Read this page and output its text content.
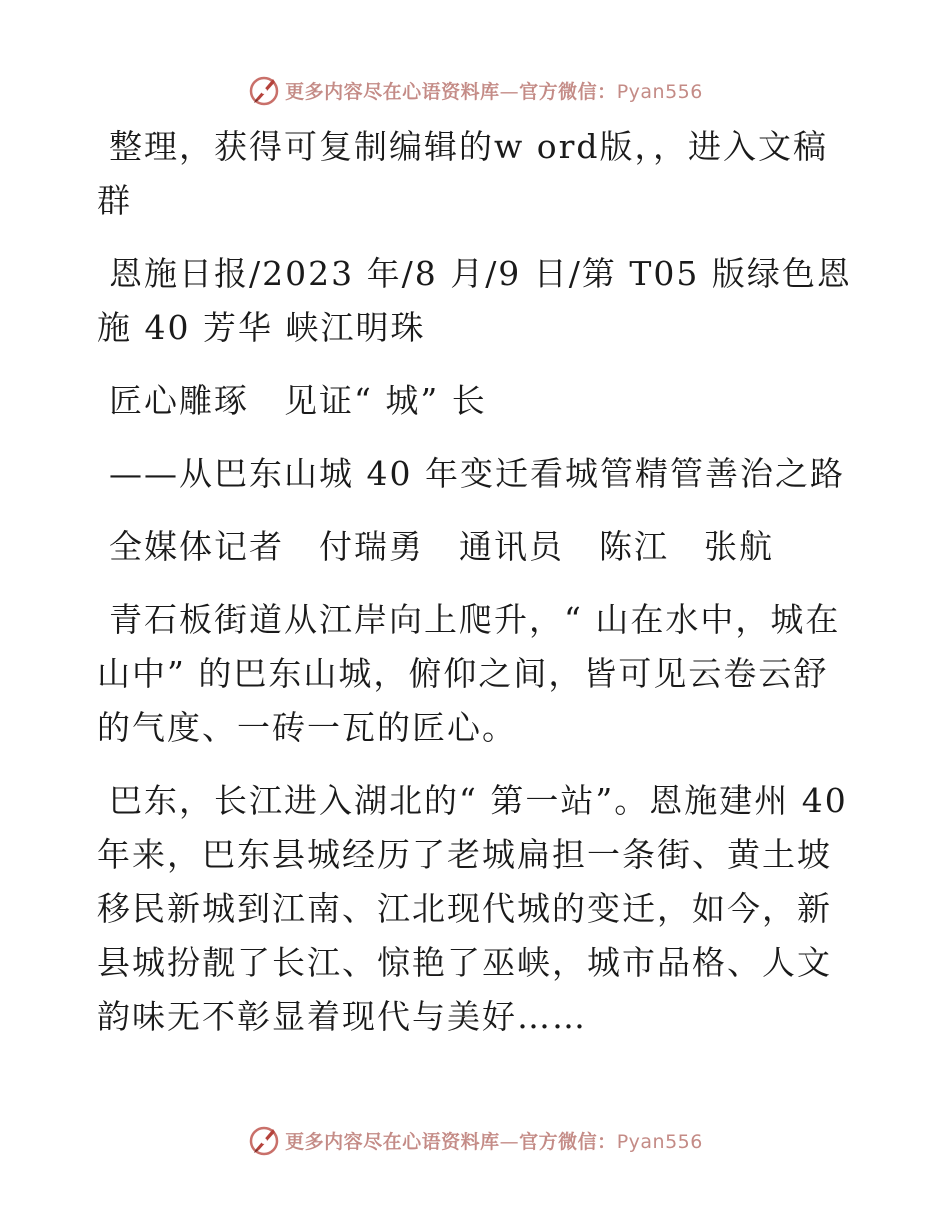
更多内容尽在心语资料库—官方微信：Pyan556

整理，获得可复制编辑的w ord版，，进入文稿群

恩施日报/2023 年/8 月/9 日/第 T05 版绿色恩施 40 芳华 峡江明珠

匠心雕琢　见证“ 城” 长

——从巴东山城 40 年变迁看城管精管善治之路

全媒体记者　付瑞勇　通讯员　陈江　张航

青石板街道从江岸向上爬升，“ 山在水中，城在山中” 的巴东山城，俯仰之间，皆可见云卷云舒的气度、一砖一瓦的匠心。

巴东，长江进入湖北的“ 第一站”。恩施建州 40 年来，巴东县城经历了老城扁担一条街、黄土坡移民新城到江南、江北现代城的变迁，如今，新县城扮靓了长江、惊艳了巫峡，城市品格、人文韵味无不彰显着现代与美好……

更多内容尽在心语资料库—官方微信：Pyan556
